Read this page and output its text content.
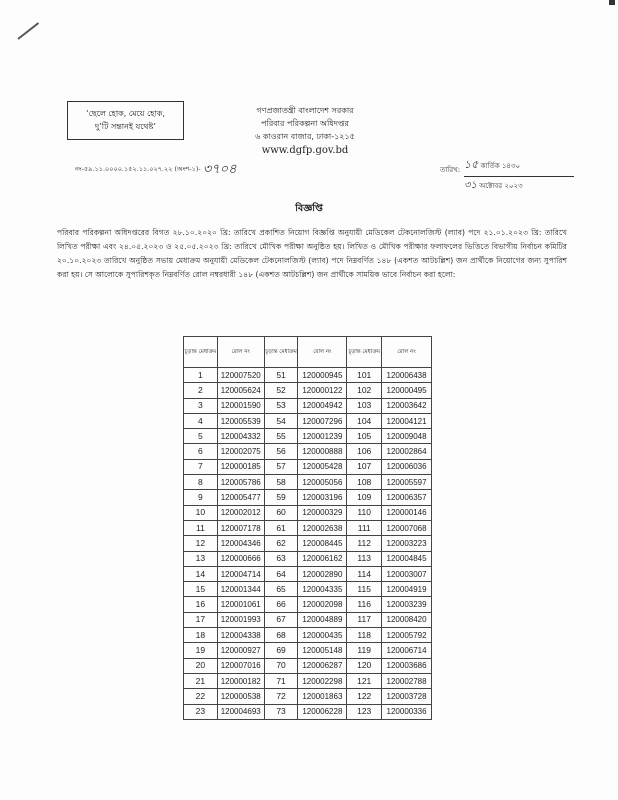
‘ছেলে হোক, মেয়ে হোক,
দু’টি সন্তানই যথেষ্ট’
গণপ্রজাতন্ত্রী বাংলাদেশ সরকার
পরিবার পরিকল্পনা অধিদপ্তর
৬ কাওরান বাজার, ঢাকা-১২১৫
www.dgfp.gov.bd
নং-৫৯.১১.০০০০.১৫২.১১.০২৭.২২ (অংশ-১)- ৩৭০৪	তারিখ: ১৫ কার্তিক ১৪৩০
৩১ অক্টোবর ২০২৩
বিজ্ঞপ্তি
পরিবার পরিকল্পনা অধিদপ্তরের বিগত ২৮.১০.২০২০ খ্রি: তারিখে প্রকাশিত নিয়োগ বিজ্ঞপ্তি অনুযায়ী মেডিকেল টেকনোলজিস্ট (ল্যাব) পদে ২১.০১.২০২৩ খ্রি: তারিখে লিখিত পরীক্ষা এবং ২৪.০৫.২০২৩ ও ২৫.০৫.২০২৩ খ্রি: তারিখে মৌখিক পরীক্ষা অনুষ্ঠিত হয়। লিখিত ও মৌখিক পরীক্ষার ফলাফলের ভিত্তিতে বিভাগীয় নির্বাচন কমিটির ২০.১০.২০২৩ তারিখে অনুষ্ঠিত সভায় মেধাক্রম অনুযায়ী মেডিকেল টেকনোলজিস্ট (ল্যাব) পদে নিম্নবর্ণিত ১৪৮ (একশত আটচল্লিশ) জন প্রার্থীকে নিয়োগের জন্য সুপারিশ করা হয়। সে আলোকে সুপারিশকৃত নিম্নবর্ণিত রোল নম্বরধারী ১৪৮ (একশত আটচল্লিশ) জন প্রার্থীকে সাময়িক ভাবে নির্বাচন করা হলো:
চূড়ান্ত মেধাক্রম	রোল নং	চূড়ান্ত মেধাক্রম	রোল নং	চূড়ান্ত মেধাক্রম	রোল নং
1	120007520	51	120000945	101	120006438
2	120005624	52	120000122	102	120000495
3	120001590	53	120004942	103	120003642
4	120005539	54	120007296	104	120004121
5	120004332	55	120001239	105	120009048
6	120002075	56	120000888	106	120002864
7	120000185	57	120005428	107	120006036
8	120005786	58	120005056	108	120005597
9	120005477	59	120003196	109	120006357
10	120002012	60	120000329	110	120000146
11	120007178	61	120002638	111	120007068
12	120004346	62	120008445	112	120003223
13	120000666	63	120006162	113	120004845
14	120004714	64	120002890	114	120003007
15	120001344	65	120004335	115	120004919
16	120001061	66	120002098	116	120003239
17	120001993	67	120004889	117	120008420
18	120004338	68	120000435	118	120005792
19	120000927	69	120005148	119	120006714
20	120007016	70	120006287	120	120003686
21	120000182	71	120002298	121	120002788
22	120000538	72	120001863	122	120003728
23	120004693	73	120006228	123	120000336
